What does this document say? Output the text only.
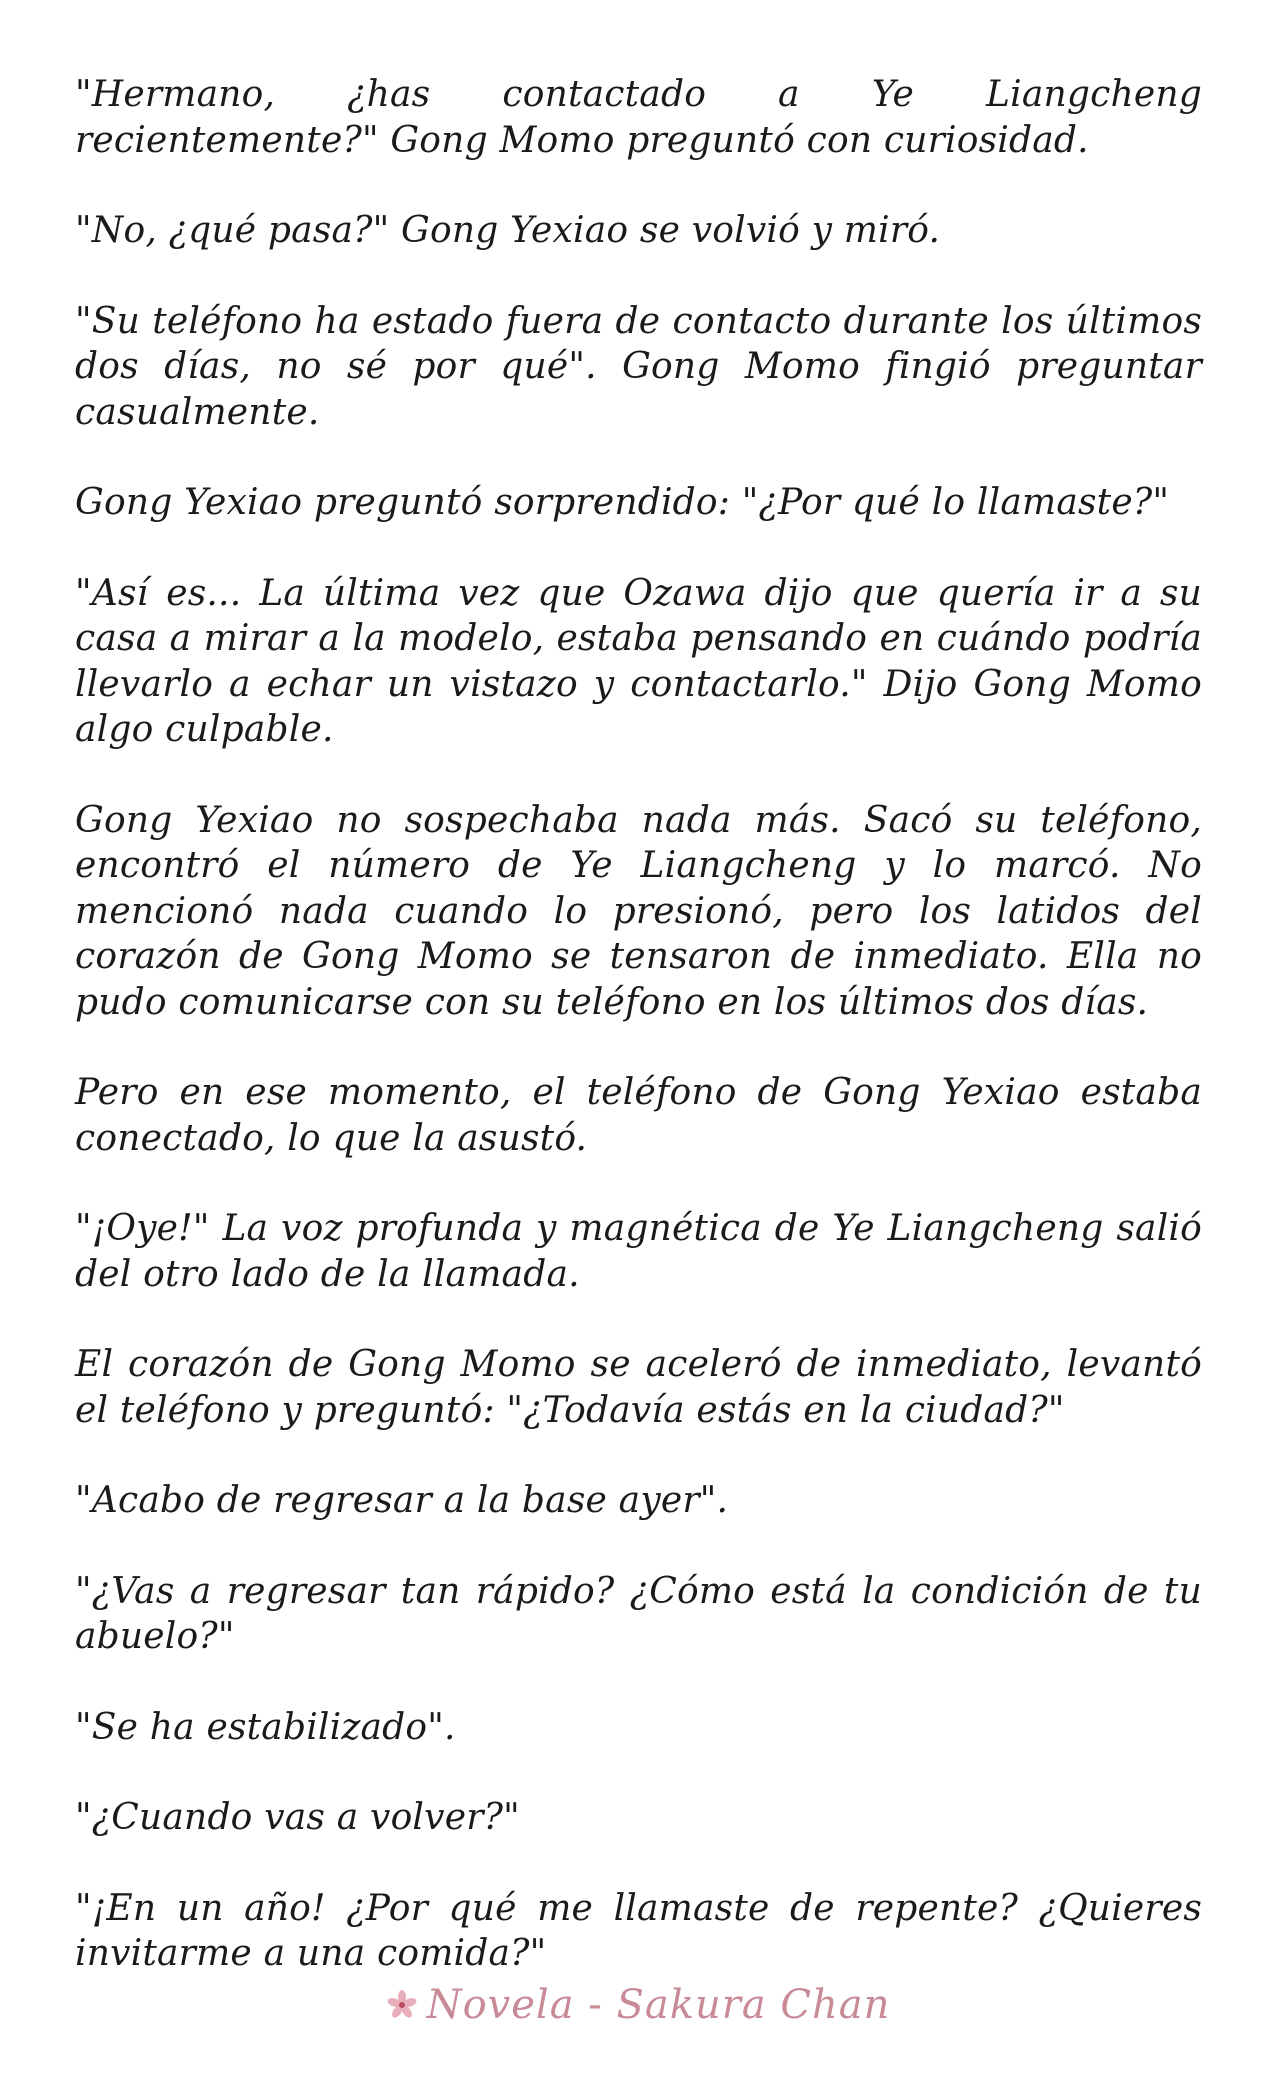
"Hermano, ¿has contactado a Ye Liangcheng recientemente?" Gong Momo preguntó con curiosidad.

"No, ¿qué pasa?" Gong Yexiao se volvió y miró.

"Su teléfono ha estado fuera de contacto durante los últimos dos días, no sé por qué". Gong Momo fingió preguntar casualmente.

Gong Yexiao preguntó sorprendido: "¿Por qué lo llamaste?"

"Así es... La última vez que Ozawa dijo que quería ir a su casa a mirar a la modelo, estaba pensando en cuándo podría llevarlo a echar un vistazo y contactarlo." Dijo Gong Momo algo culpable.

Gong Yexiao no sospechaba nada más. Sacó su teléfono, encontró el número de Ye Liangcheng y lo marcó. No mencionó nada cuando lo presionó, pero los latidos del corazón de Gong Momo se tensaron de inmediato. Ella no pudo comunicarse con su teléfono en los últimos dos días.

Pero en ese momento, el teléfono de Gong Yexiao estaba conectado, lo que la asustó.

"¡Oye!" La voz profunda y magnética de Ye Liangcheng salió del otro lado de la llamada.

El corazón de Gong Momo se aceleró de inmediato, levantó el teléfono y preguntó: "¿Todavía estás en la ciudad?"

"Acabo de regresar a la base ayer".

"¿Vas a regresar tan rápido? ¿Cómo está la condición de tu abuelo?"

"Se ha estabilizado".

"¿Cuando vas a volver?"

"¡En un año! ¿Por qué me llamaste de repente? ¿Quieres invitarme a una comida?"

Novela - Sakura Chan
